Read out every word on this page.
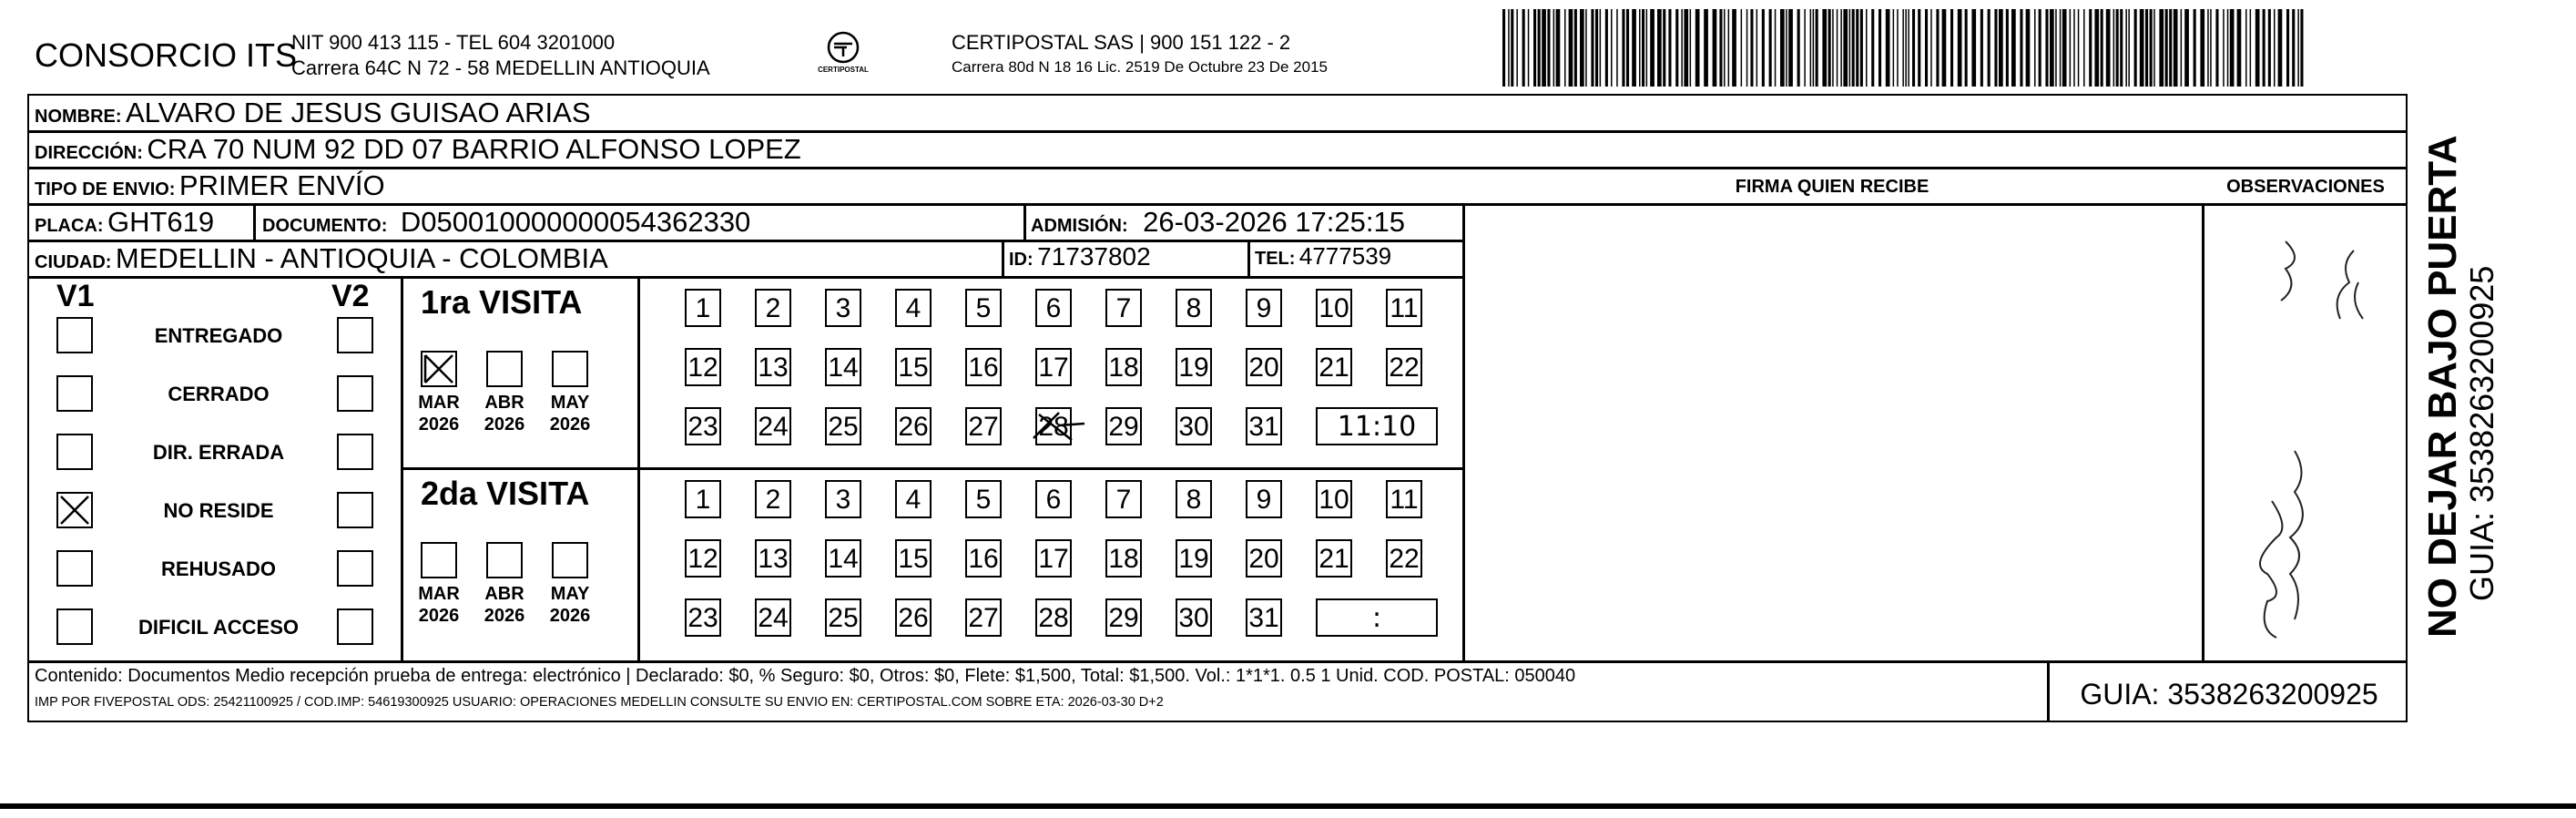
CONSORCIO ITS
NIT 900 413 115 - TEL 604 3201000
Carrera 64C N 72 - 58 MEDELLIN ANTIOQUIA	CERTIPOSTAL
CERTIPOSTAL SAS | 900 151 122 - 2
Carrera 80d N 18 16 Lic. 2519 De Octubre 23 De 2015
NOMBRE: ALVARO DE JESUS GUISAO ARIAS
DIRECCIÓN: CRA 70 NUM 92 DD 07 BARRIO ALFONSO LOPEZ
TIPO DE ENVIO: PRIMER ENVÍO	FIRMA QUIEN RECIBE	OBSERVACIONES
PLACA: GHT619	DOCUMENTO: D050010000000054362330	ADMISIÓN: 26-03-2026 17:25:15
CIUDAD: MEDELLIN - ANTIOQUIA - COLOMBIA	ID: 71737802	TEL: 4777539
V1	V2
ENTREGADO
CERRADO
DIR. ERRADA
NO RESIDE
REHUSADO
DIFICIL ACCESO
1ra VISITA
MAR
2026
ABR
2026
MAY
2026
1	2	3	4	5	6	7	8	9	10 11
12 13 14 15 16 17 18 19 20 21 22
23 24 25 26 27 28 29 30 31	11:10
2da VISITA
MAR
2026
ABR
2026
MAY
2026
1	2	3	4	5	6	7	8	9	10 11
12 13 14 15 16 17 18 19 20 21 22
23 24 25 26 27 28 29 30 31	:
Contenido: Documentos Medio recepción prueba de entrega: electrónico | Declarado: $0, % Seguro: $0, Otros: $0, Flete: $1,500, Total: $1,500. Vol.: 1*1*1. 0.5 1 Unid. COD. POSTAL: 050040
IMP POR FIVEPOSTAL ODS: 25421100925 / COD.IMP: 54619300925 USUARIO: OPERACIONES MEDELLIN CONSULTE SU ENVIO EN: CERTIPOSTAL.COM SOBRE ETA: 2026-03-30 D+2	GUIA: 3538263200925
NO DEJAR BAJO PUERTA
GUIA: 3538263200925
